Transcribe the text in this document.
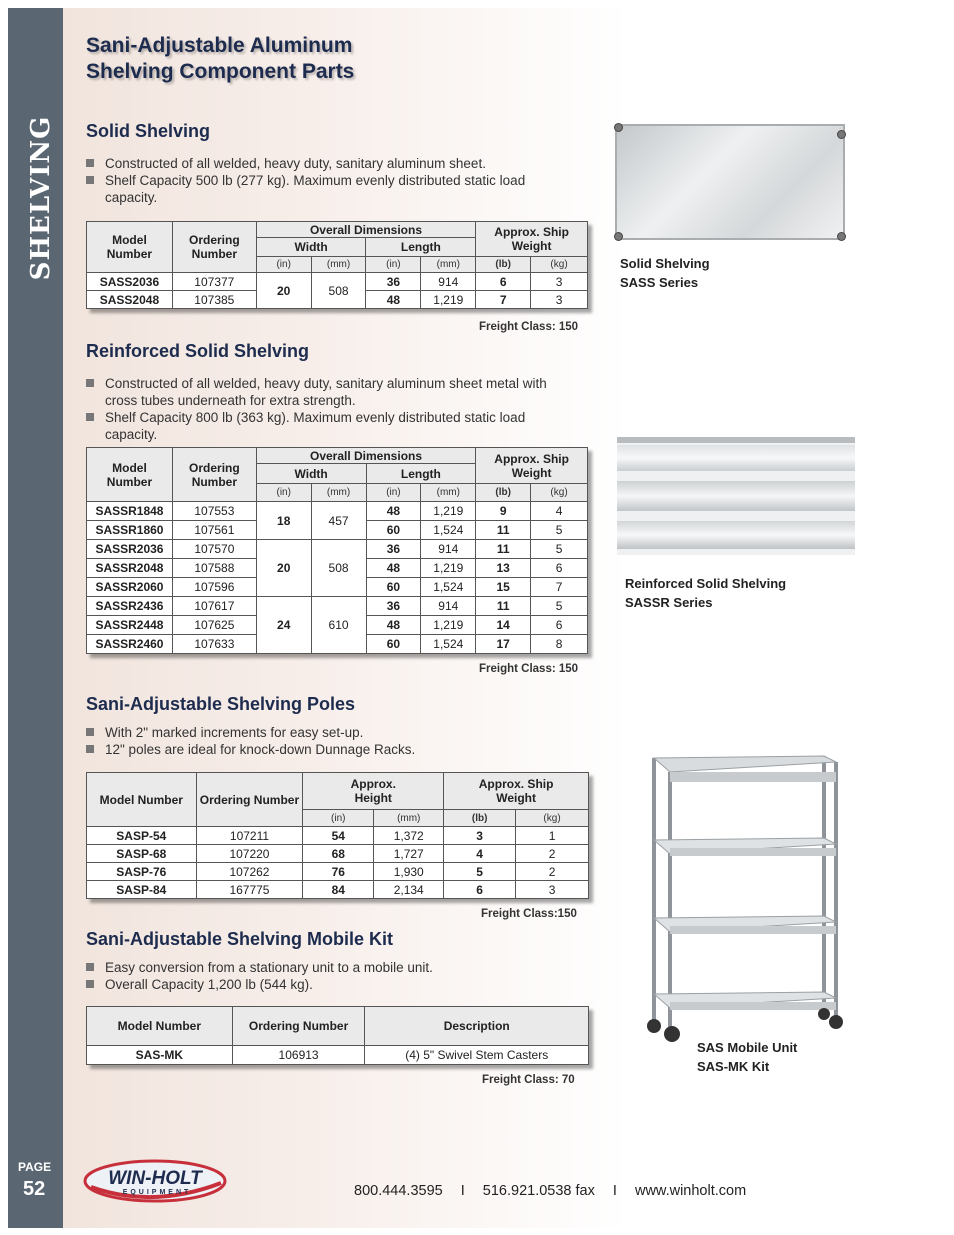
SHELVING
PAGE
52
Sani-Adjustable Aluminum
Shelving Component Parts
Solid Shelving
Constructed of all welded, heavy duty, sanitary aluminum sheet.
Shelf Capacity 500 lb (277 kg). Maximum evenly distributed static load capacity.
Model Number	Ordering Number	Overall Dimensions				Approx. Ship Weight	
		Width		Length			
		(in)	(mm)	(in)	(mm)	(lb)	(kg)
SASS2036	107377	20	508	36	914	6	3
SASS2048	107385			48	1,219	7	3
Freight Class: 150
Solid Shelving
SASS Series
Reinforced Solid Shelving
Constructed of all welded, heavy duty, sanitary aluminum sheet metal with cross tubes underneath for extra strength.
Shelf Capacity 800 lb (363 kg). Maximum evenly distributed static load capacity.
Model Number	Ordering Number	Overall Dimensions				Approx. Ship Weight	
		Width		Length			
		(in)	(mm)	(in)	(mm)	(lb)	(kg)
SASSR1848	107553	18	457	48	1,219	9	4
SASSR1860	107561			60	1,524	11	5
SASSR2036	107570	20	508	36	914	11	5
SASSR2048	107588			48	1,219	13	6
SASSR2060	107596			60	1,524	15	7
SASSR2436	107617	24	610	36	914	11	5
SASSR2448	107625			48	1,219	14	6
SASSR2460	107633			60	1,524	17	8
Freight Class: 150
Reinforced Solid Shelving
SASSR Series
Sani-Adjustable Shelving Poles
With 2" marked increments for easy set-up.
12" poles are ideal for knock-down Dunnage Racks.
Model Number	Ordering Number	Approx. Height		Approx. Ship Weight	
		(in)	(mm)	(lb)	(kg)
SASP-54	107211	54	1,372	3	1
SASP-68	107220	68	1,727	4	2
SASP-76	107262	76	1,930	5	2
SASP-84	167775	84	2,134	6	3
Freight Class:150
Sani-Adjustable Shelving Mobile Kit
Easy conversion from a stationary unit to a mobile unit.
Overall Capacity 1,200 lb (544 kg).
Model Number	Ordering Number	Description
SAS-MK	106913	(4) 5" Swivel Stem Casters
Freight Class: 70
SAS Mobile Unit
SAS-MK Kit
WIN-HOLT
EQUIPMENT	800.444.3595 I 516.921.0538 fax I www.winholt.com
